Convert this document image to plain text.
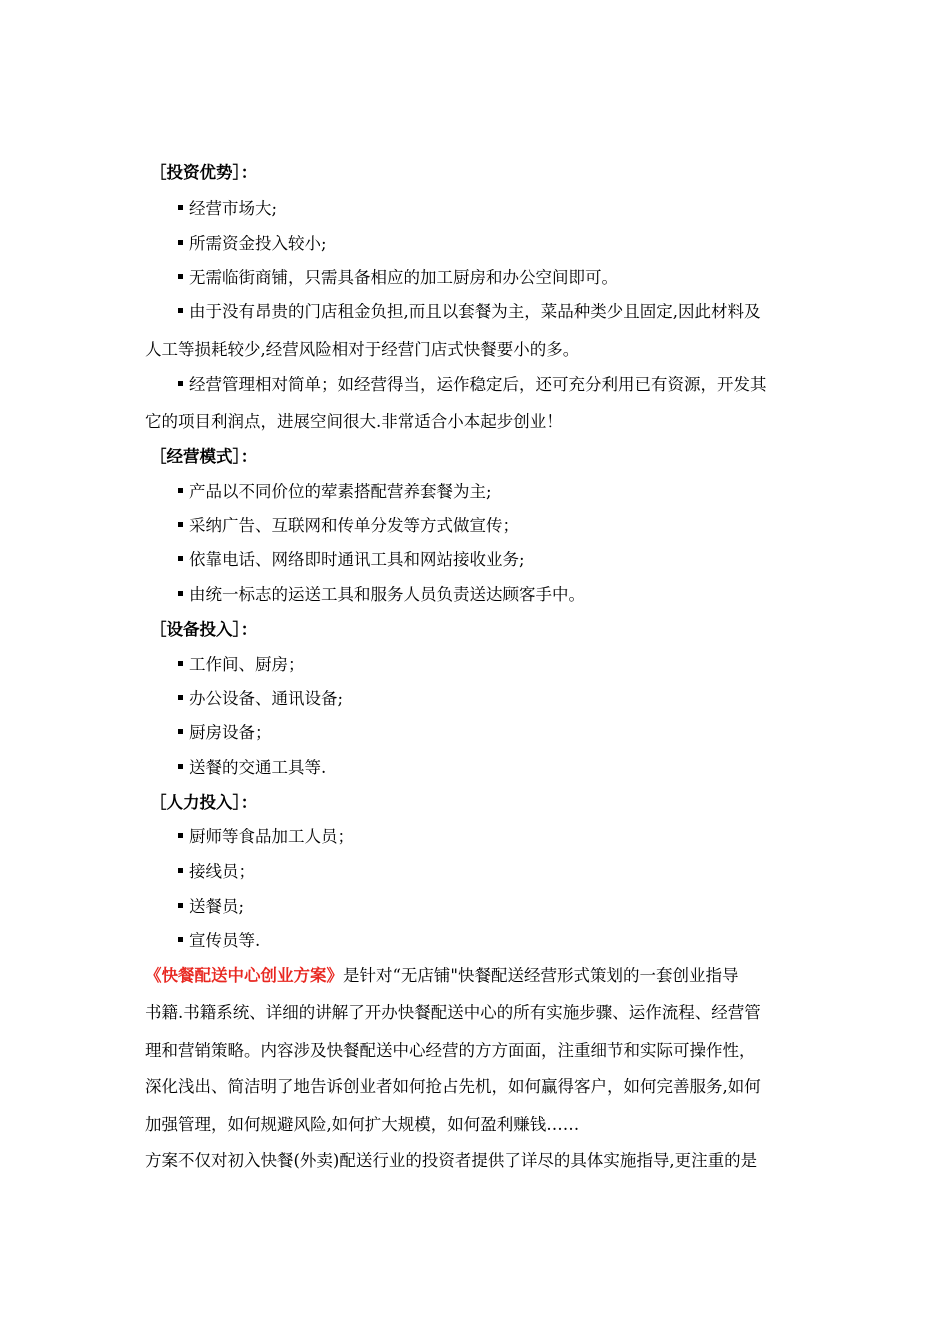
［投资优势］：
经营市场大;
所需资金投入较小;
无需临街商铺，只需具备相应的加工厨房和办公空间即可。
由于没有昂贵的门店租金负担,而且以套餐为主，菜品种类少且固定,因此材料及
人工等损耗较少,经营风险相对于经营门店式快餐要小的多。
经营管理相对简单；如经营得当，运作稳定后，还可充分利用已有资源，开发其
它的项目利润点，进展空间很大.非常适合小本起步创业！
［经营模式］：
产品以不同价位的荤素搭配营养套餐为主;
采纳广告、互联网和传单分发等方式做宣传；
依靠电话、网络即时通讯工具和网站接收业务;
由统一标志的运送工具和服务人员负责送达顾客手中。
［设备投入］：
工作间、厨房；
办公设备、通讯设备;
厨房设备；
送餐的交通工具等.
［人力投入］：
厨师等食品加工人员；
接线员；
送餐员;
宣传员等.
《快餐配送中心创业方案》是针对“无店铺"快餐配送经营形式策划的一套创业指导
书籍.书籍系统、详细的讲解了开办快餐配送中心的所有实施步骤、运作流程、经营管
理和营销策略。内容涉及快餐配送中心经营的方方面面，注重细节和实际可操作性，
深化浅出、简洁明了地告诉创业者如何抢占先机，如何赢得客户，如何完善服务,如何
加强管理，如何规避风险,如何扩大规模，如何盈利赚钱……
方案不仅对初入快餐(外卖)配送行业的投资者提供了详尽的具体实施指导,更注重的是
